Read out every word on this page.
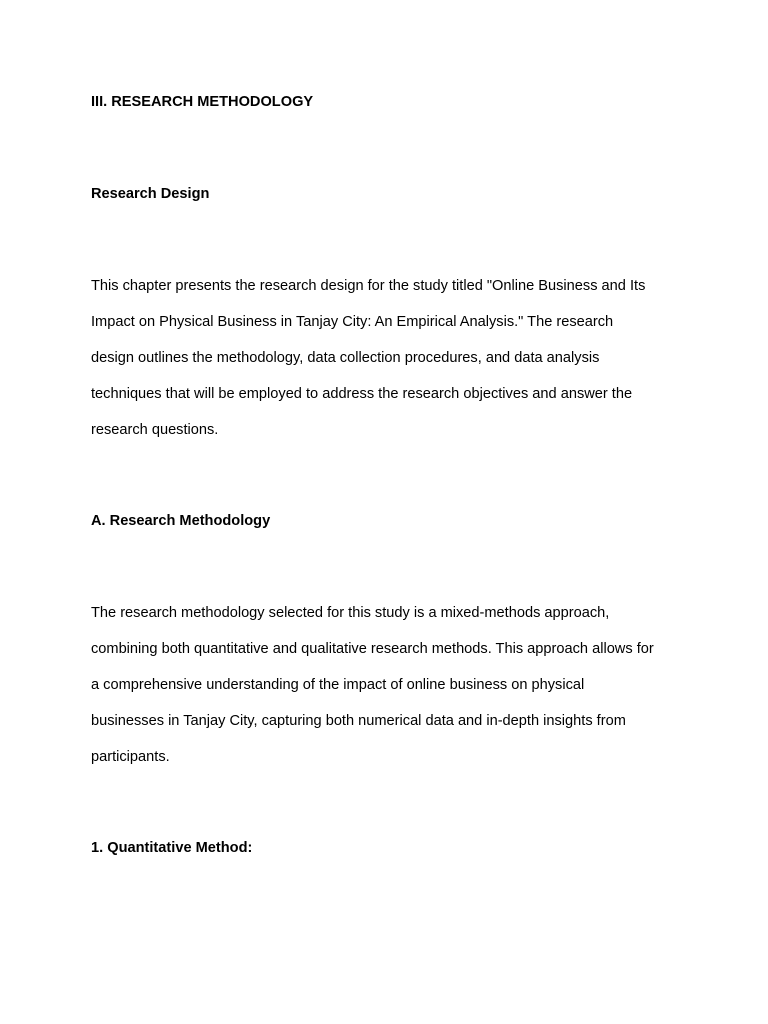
III. RESEARCH METHODOLOGY
Research Design

This chapter presents the research design for the study titled "Online Business and Its
Impact on Physical Business in Tanjay City: An Empirical Analysis." The research
design outlines the methodology, data collection procedures, and data analysis
techniques that will be employed to address the research objectives and answer the
research questions.

A. Research Methodology

The research methodology selected for this study is a mixed-methods approach,
combining both quantitative and qualitative research methods. This approach allows for
a comprehensive understanding of the impact of online business on physical
businesses in Tanjay City, capturing both numerical data and in-depth insights from
participants.

1. Quantitative Method:
